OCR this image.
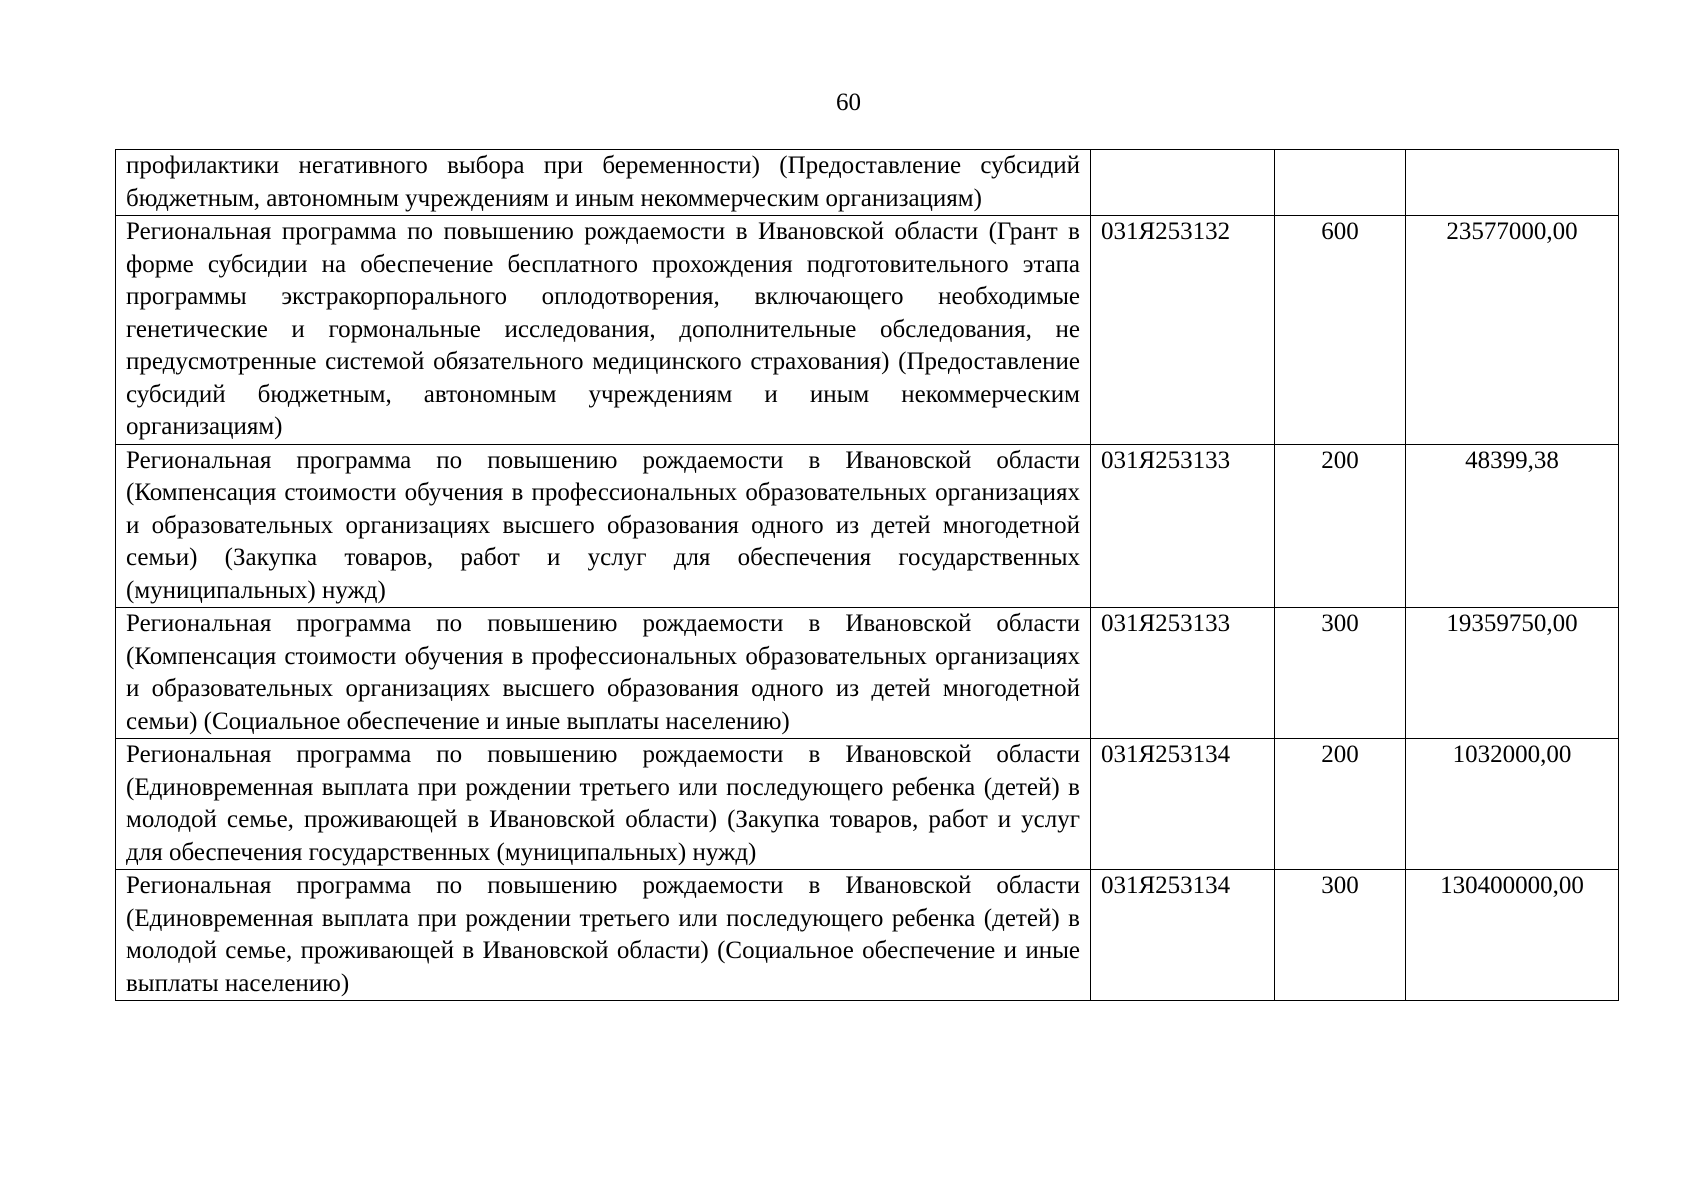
60
профилактики негативного выбора при беременности) (Предоставление субсидий бюджетным, автономным учреждениям и иным некоммерческим организациям)			
Региональная программа по повышению рождаемости в Ивановской области (Грант в форме субсидии на обеспечение бесплатного прохождения подготовительного этапа программы экстракорпорального оплодотворения, включающего необходимые генетические и гормональные исследования, дополнительные обследования, не предусмотренные системой обязательного медицинского страхования) (Предоставление субсидий бюджетным, автономным учреждениям и иным некоммерческим организациям)	031Я253132	600	23577000,00
Региональная программа по повышению рождаемости в Ивановской области (Компенсация стоимости обучения в профессиональных образовательных организациях и образовательных организациях высшего образования одного из детей многодетной семьи) (Закупка товаров, работ и услуг для обеспечения государственных (муниципальных) нужд)	031Я253133	200	48399,38
Региональная программа по повышению рождаемости в Ивановской области (Компенсация стоимости обучения в профессиональных образовательных организациях и образовательных организациях высшего образования одного из детей многодетной семьи) (Социальное обеспечение и иные выплаты населению)	031Я253133	300	19359750,00
Региональная программа по повышению рождаемости в Ивановской области (Единовременная выплата при рождении третьего или последующего ребенка (детей) в молодой семье, проживающей в Ивановской области) (Закупка товаров, работ и услуг для обеспечения государственных (муниципальных) нужд)	031Я253134	200	1032000,00
Региональная программа по повышению рождаемости в Ивановской области (Единовременная выплата при рождении третьего или последующего ребенка (детей) в молодой семье, проживающей в Ивановской области) (Социальное обеспечение и иные выплаты населению)	031Я253134	300	130400000,00
